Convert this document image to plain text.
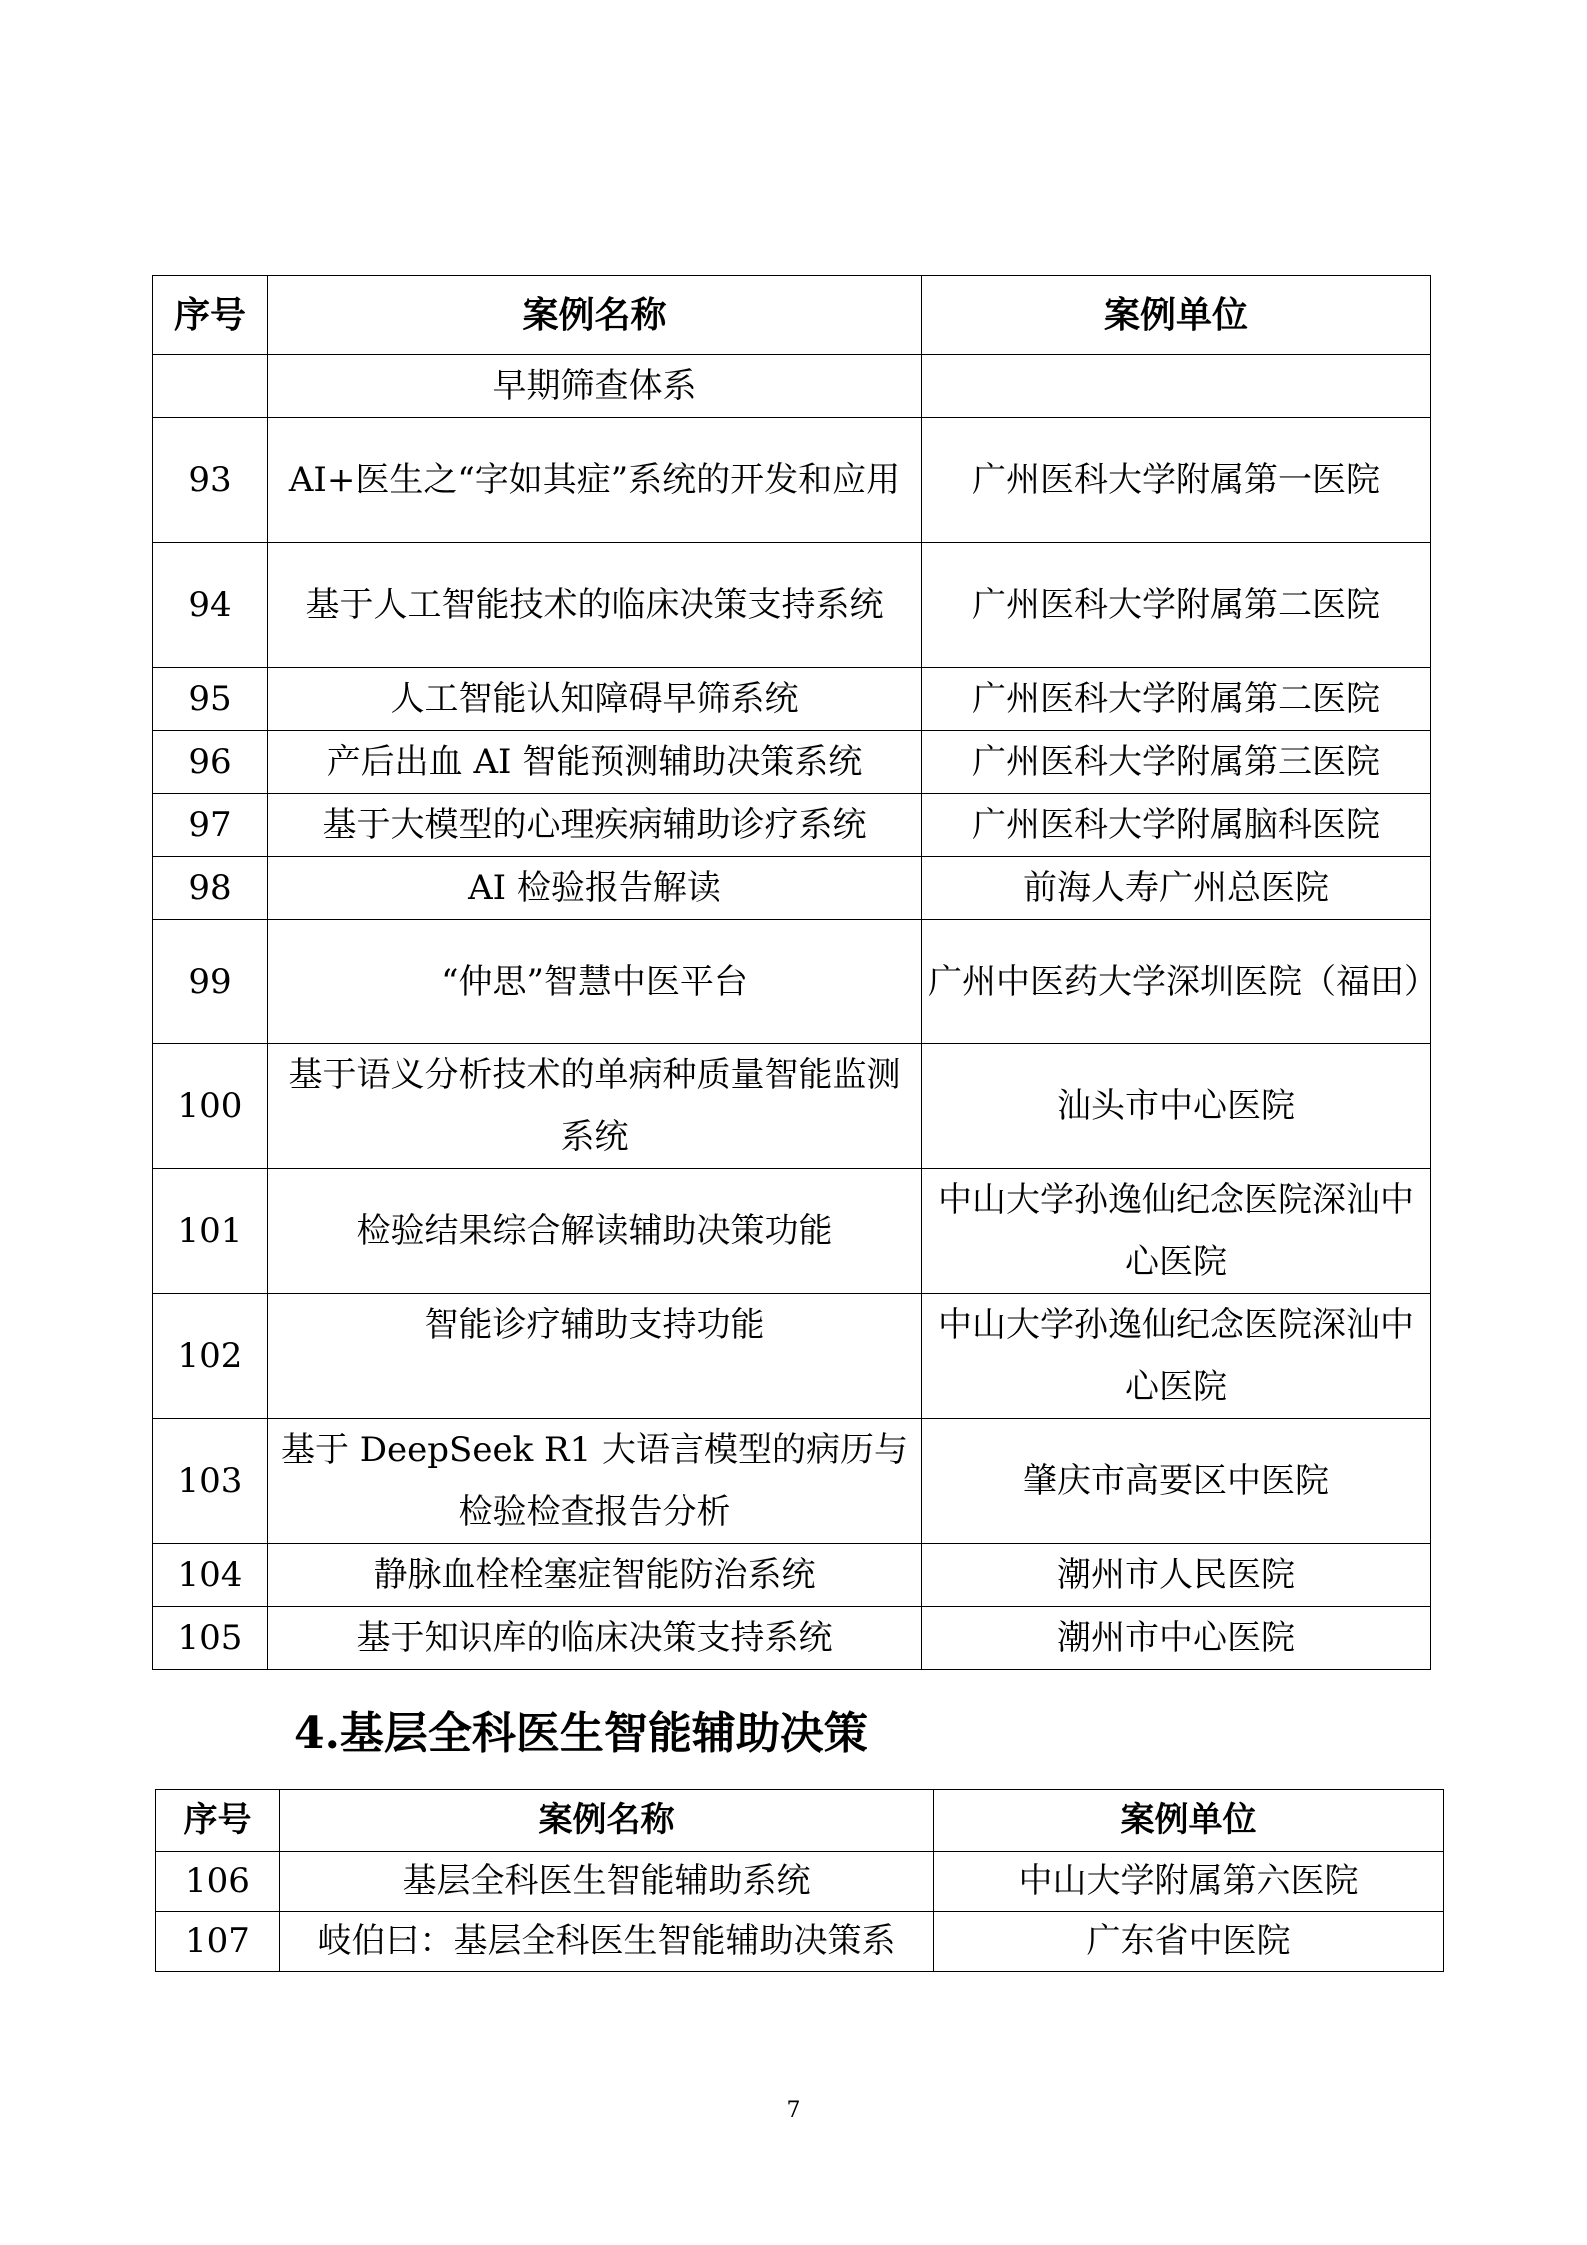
序号	案例名称	案例单位
	早期筛查体系	
93	AI+医生之“字如其症”系统的开发和应用	广州医科大学附属第一医院
94	基于人工智能技术的临床决策支持系统	广州医科大学附属第二医院
95	人工智能认知障碍早筛系统	广州医科大学附属第二医院
96	产后出血 AI 智能预测辅助决策系统	广州医科大学附属第三医院
97	基于大模型的心理疾病辅助诊疗系统	广州医科大学附属脑科医院
98	AI 检验报告解读	前海人寿广州总医院
99	“仲思”智慧中医平台	广州中医药大学深圳医院（福田）
100	基于语义分析技术的单病种质量智能监测系统	汕头市中心医院
101	检验结果综合解读辅助决策功能	中山大学孙逸仙纪念医院深汕中心医院
102	智能诊疗辅助支持功能	中山大学孙逸仙纪念医院深汕中心医院
103	基于 DeepSeek R1 大语言模型的病历与检验检查报告分析	肇庆市高要区中医院
104	静脉血栓栓塞症智能防治系统	潮州市人民医院
105	基于知识库的临床决策支持系统	潮州市中心医院
4.基层全科医生智能辅助决策
序号	案例名称	案例单位
106	基层全科医生智能辅助系统	中山大学附属第六医院
107	岐伯曰：基层全科医生智能辅助决策系	广东省中医院
7
